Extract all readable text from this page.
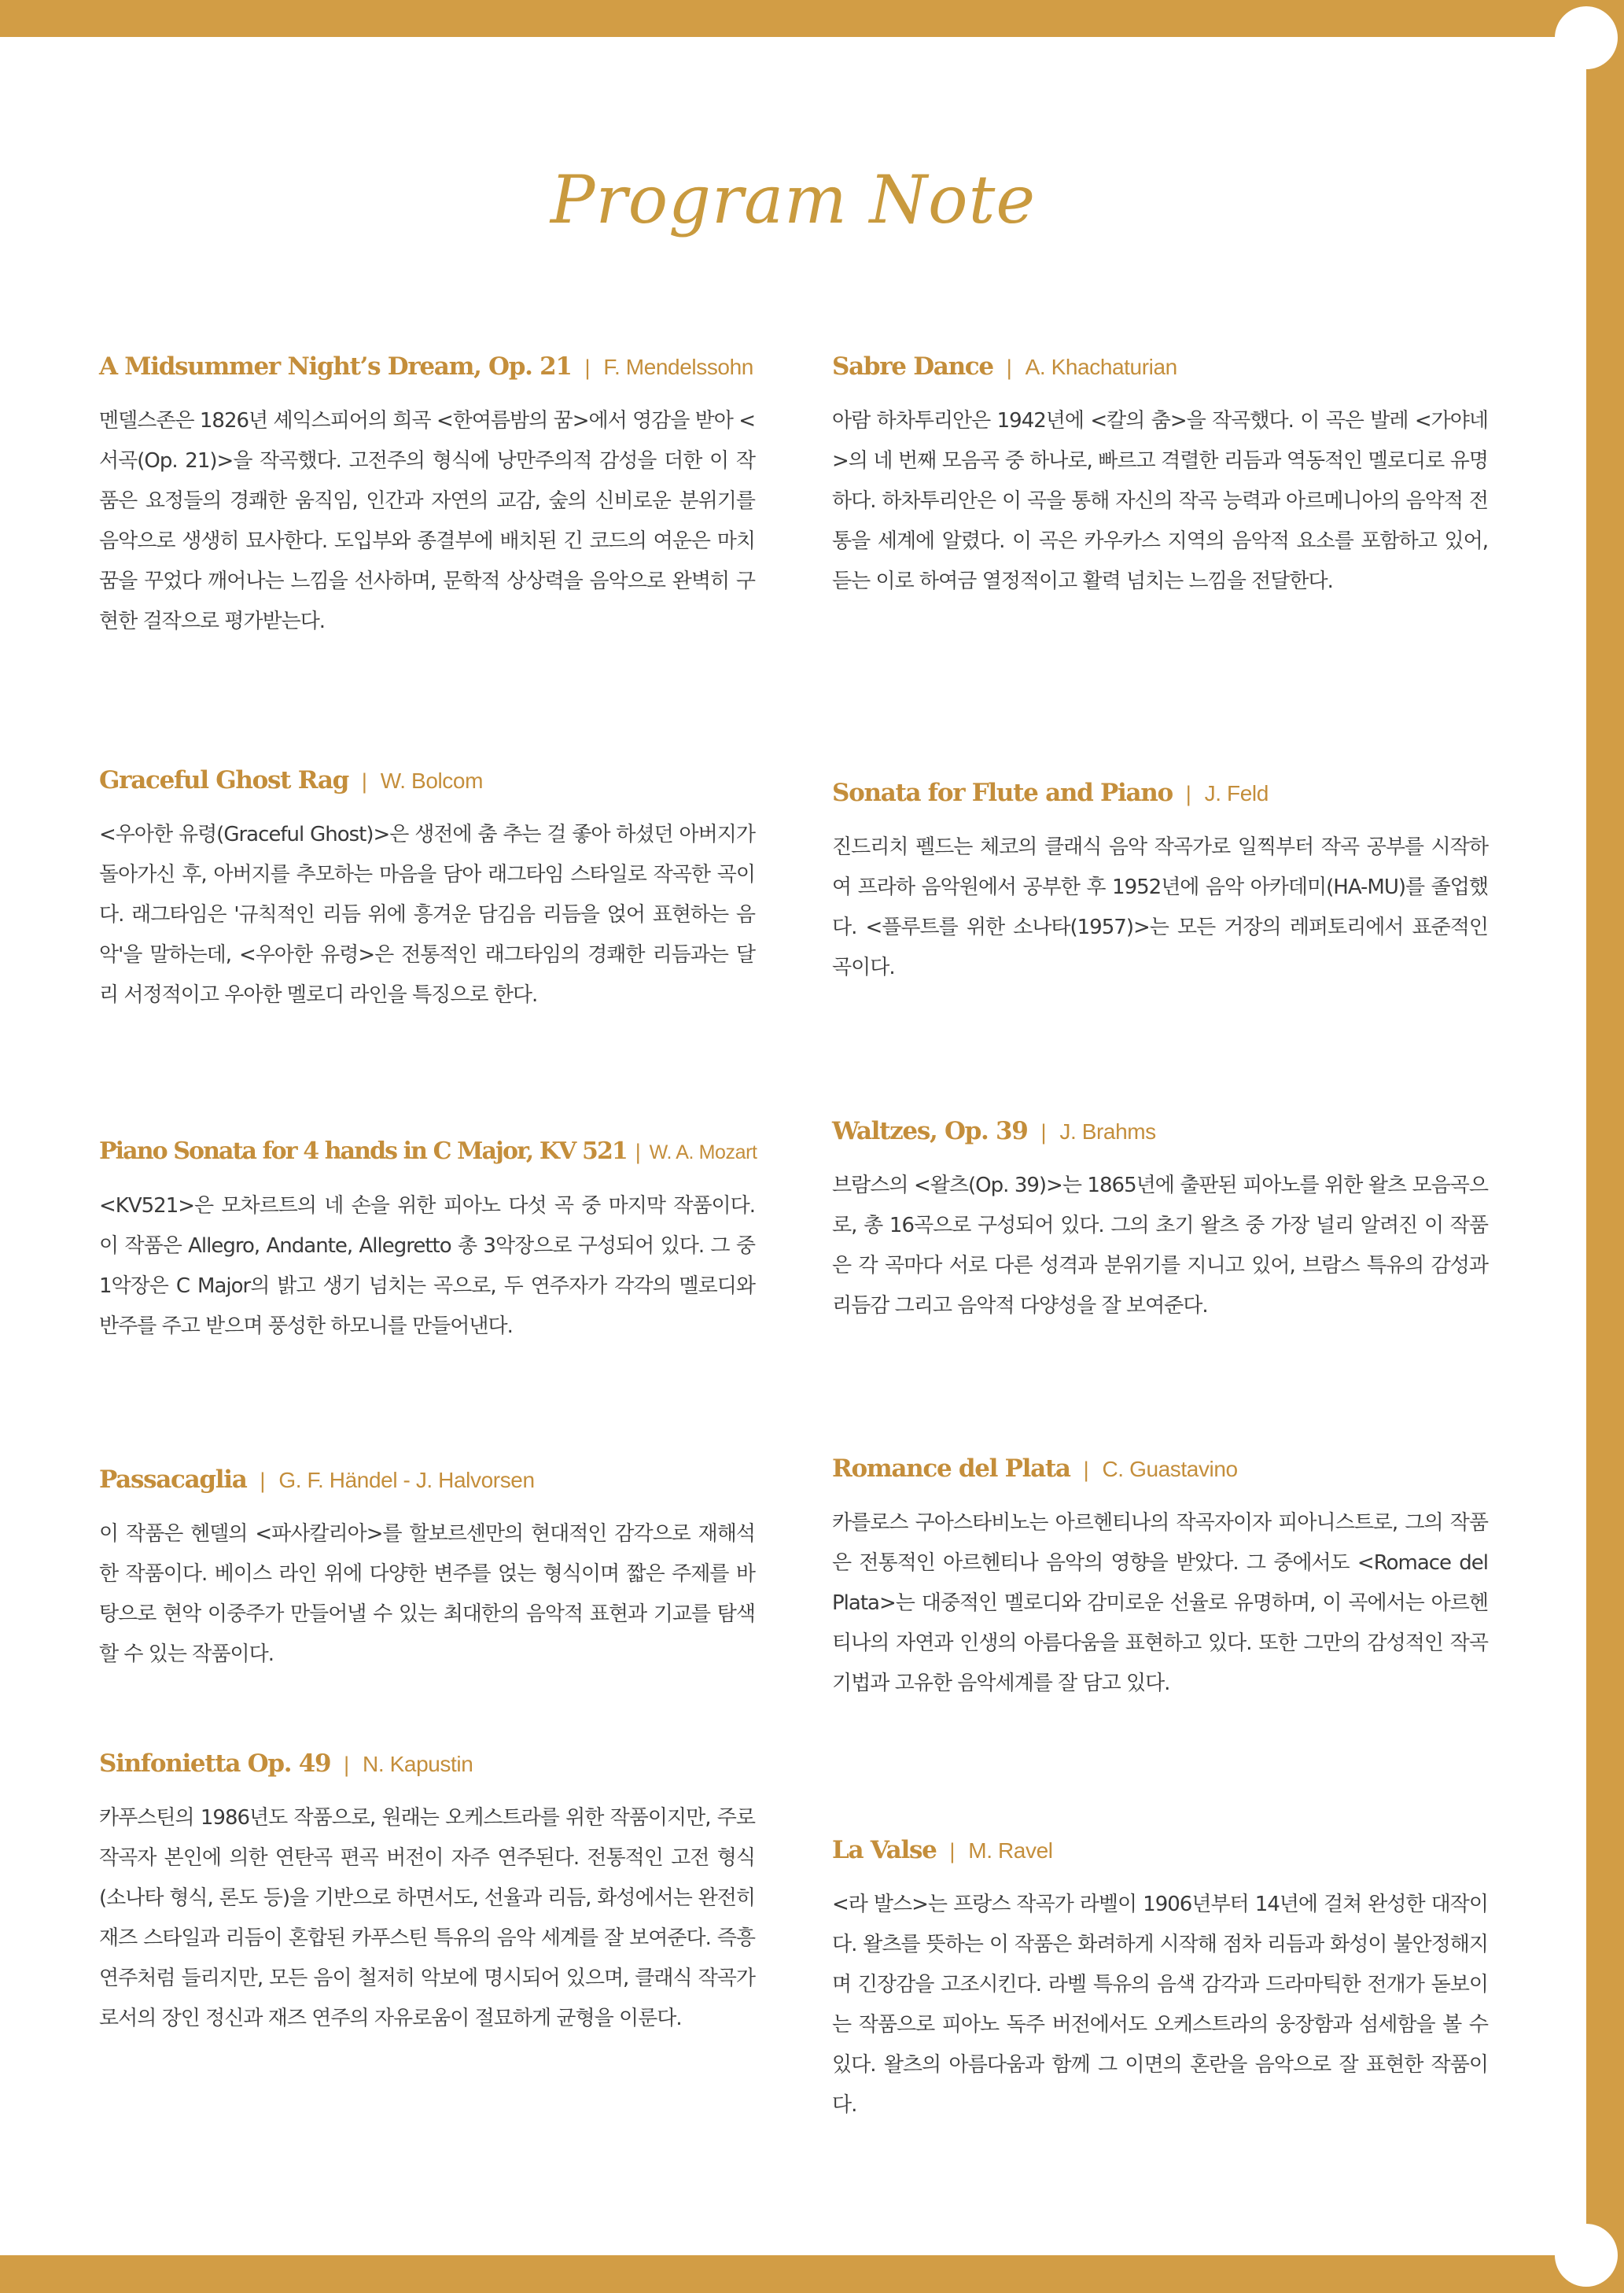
Program Note
A Midsummer Night’s Dream, Op. 21 | F. Mendelssohn
멘델스존은 1826년 셰익스피어의 희곡 <한여름밤의 꿈>에서 영감을 받아 <서곡(Op. 21)>을 작곡했다. 고전주의 형식에 낭만주의적 감성을 더한 이 작품은 요정들의 경쾌한 움직임, 인간과 자연의 교감, 숲의 신비로운 분위기를 음악으로 생생히 묘사한다. 도입부와 종결부에 배치된 긴 코드의 여운은 마치 꿈을 꾸었다 깨어나는 느낌을 선사하며, 문학적 상상력을 음악으로 완벽히 구현한 걸작으로 평가받는다.
Graceful Ghost Rag | W. Bolcom
<우아한 유령(Graceful Ghost)>은 생전에 춤 추는 걸 좋아 하셨던 아버지가 돌아가신 후, 아버지를 추모하는 마음을 담아 래그타임 스타일로 작곡한 곡이다. 래그타임은 '규칙적인 리듬 위에 흥겨운 담김음 리듬을 얹어 표현하는 음악'을 말하는데, <우아한 유령>은 전통적인 래그타임의 경쾌한 리듬과는 달리 서정적이고 우아한 멜로디 라인을 특징으로 한다.
Piano Sonata for 4 hands in C Major, KV 521 | W. A. Mozart
<KV521>은 모차르트의 네 손을 위한 피아노 다섯 곡 중 마지막 작품이다. 이 작품은 Allegro, Andante, Allegretto 총 3악장으로 구성되어 있다. 그 중 1악장은 C Major의 밝고 생기 넘치는 곡으로, 두 연주자가 각각의 멜로디와 반주를 주고 받으며 풍성한 하모니를 만들어낸다.
Passacaglia | G. F. Händel - J. Halvorsen
이 작품은 헨델의 <파사칼리아>를 할보르센만의 현대적인 감각으로 재해석한 작품이다. 베이스 라인 위에 다양한 변주를 얹는 형식이며 짧은 주제를 바탕으로 현악 이중주가 만들어낼 수 있는 최대한의 음악적 표현과 기교를 탐색할 수 있는 작품이다.
Sinfonietta Op. 49 | N. Kapustin
카푸스틴의 1986년도 작품으로, 원래는 오케스트라를 위한 작품이지만, 주로 작곡자 본인에 의한 연탄곡 편곡 버전이 자주 연주된다. 전통적인 고전 형식(소나타 형식, 론도 등)을 기반으로 하면서도, 선율과 리듬, 화성에서는 완전히 재즈 스타일과 리듬이 혼합된 카푸스틴 특유의 음악 세계를 잘 보여준다. 즉흥 연주처럼 들리지만, 모든 음이 철저히 악보에 명시되어 있으며, 클래식 작곡가로서의 장인 정신과 재즈 연주의 자유로움이 절묘하게 균형을 이룬다.
Sabre Dance | A. Khachaturian
아람 하차투리안은 1942년에 <칼의 춤>을 작곡했다. 이 곡은 발레 <가야네>의 네 번째 모음곡 중 하나로, 빠르고 격렬한 리듬과 역동적인 멜로디로 유명하다. 하차투리안은 이 곡을 통해 자신의 작곡 능력과 아르메니아의 음악적 전통을 세계에 알렸다. 이 곡은 카우카스 지역의 음악적 요소를 포함하고 있어, 듣는 이로 하여금 열정적이고 활력 넘치는 느낌을 전달한다.
Sonata for Flute and Piano | J. Feld
진드리치 펠드는 체코의 클래식 음악 작곡가로 일찍부터 작곡 공부를 시작하여 프라하 음악원에서 공부한 후 1952년에 음악 아카데미(HA-MU)를 졸업했다. <플루트를 위한 소나타(1957)>는 모든 거장의 레퍼토리에서 표준적인 곡이다.
Waltzes, Op. 39 | J. Brahms
브람스의 <왈츠(Op. 39)>는 1865년에 출판된 피아노를 위한 왈츠 모음곡으로, 총 16곡으로 구성되어 있다. 그의 초기 왈츠 중 가장 널리 알려진 이 작품은 각 곡마다 서로 다른 성격과 분위기를 지니고 있어, 브람스 특유의 감성과 리듬감 그리고 음악적 다양성을 잘 보여준다.
Romance del Plata | C. Guastavino
카를로스 구아스타비노는 아르헨티나의 작곡자이자 피아니스트로, 그의 작품은 전통적인 아르헨티나 음악의 영향을 받았다. 그 중에서도 <Romace del Plata>는 대중적인 멜로디와 감미로운 선율로 유명하며, 이 곡에서는 아르헨티나의 자연과 인생의 아름다움을 표현하고 있다. 또한 그만의 감성적인 작곡 기법과 고유한 음악세계를 잘 담고 있다.
La Valse | M. Ravel
<라 발스>는 프랑스 작곡가 라벨이 1906년부터 14년에 걸쳐 완성한 대작이다. 왈츠를 뜻하는 이 작품은 화려하게 시작해 점차 리듬과 화성이 불안정해지며 긴장감을 고조시킨다. 라벨 특유의 음색 감각과 드라마틱한 전개가 돋보이는 작품으로 피아노 독주 버전에서도 오케스트라의 웅장함과 섬세함을 볼 수 있다. 왈츠의 아름다움과 함께 그 이면의 혼란을 음악으로 잘 표현한 작품이다.
